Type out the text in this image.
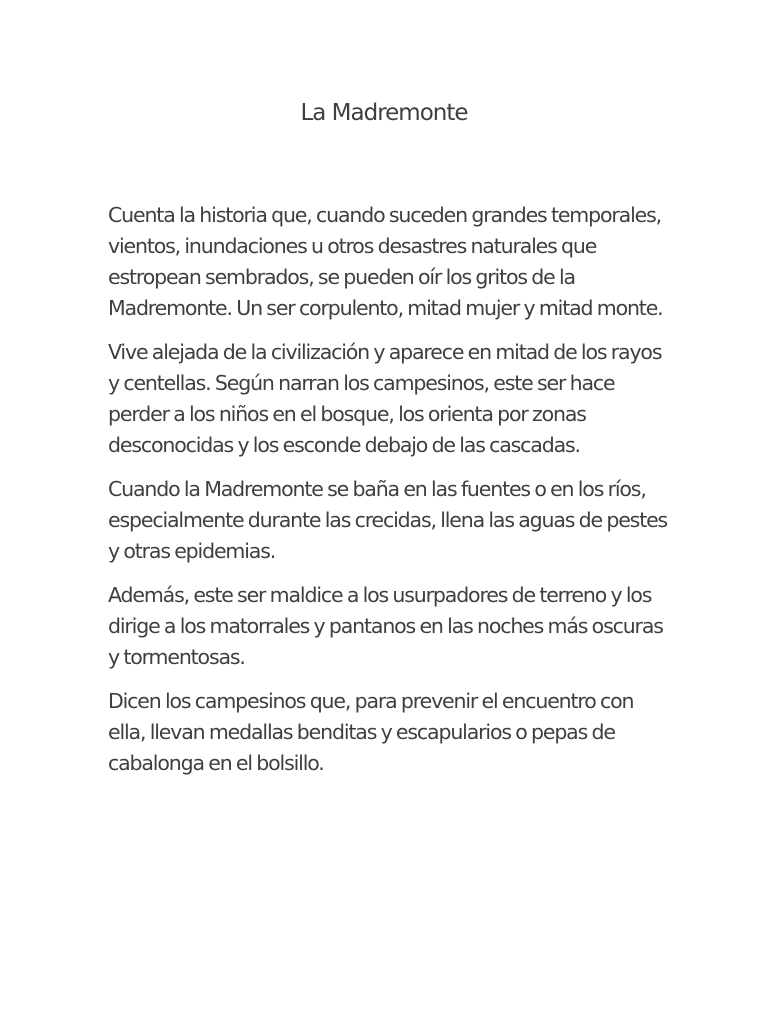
La Madremonte

Cuenta la historia que, cuando suceden grandes temporales, vientos, inundaciones u otros desastres naturales que estropean sembrados, se pueden oír los gritos de la Madremonte. Un ser corpulento, mitad mujer y mitad monte.

Vive alejada de la civilización y aparece en mitad de los rayos y centellas. Según narran los campesinos, este ser hace perder a los niños en el bosque, los orienta por zonas desconocidas y los esconde debajo de las cascadas.

Cuando la Madremonte se baña en las fuentes o en los ríos, especialmente durante las crecidas, llena las aguas de pestes y otras epidemias.

Además, este ser maldice a los usurpadores de terreno y los dirige a los matorrales y pantanos en las noches más oscuras y tormentosas.

Dicen los campesinos que, para prevenir el encuentro con ella, llevan medallas benditas y escapularios o pepas de cabalonga en el bolsillo.
